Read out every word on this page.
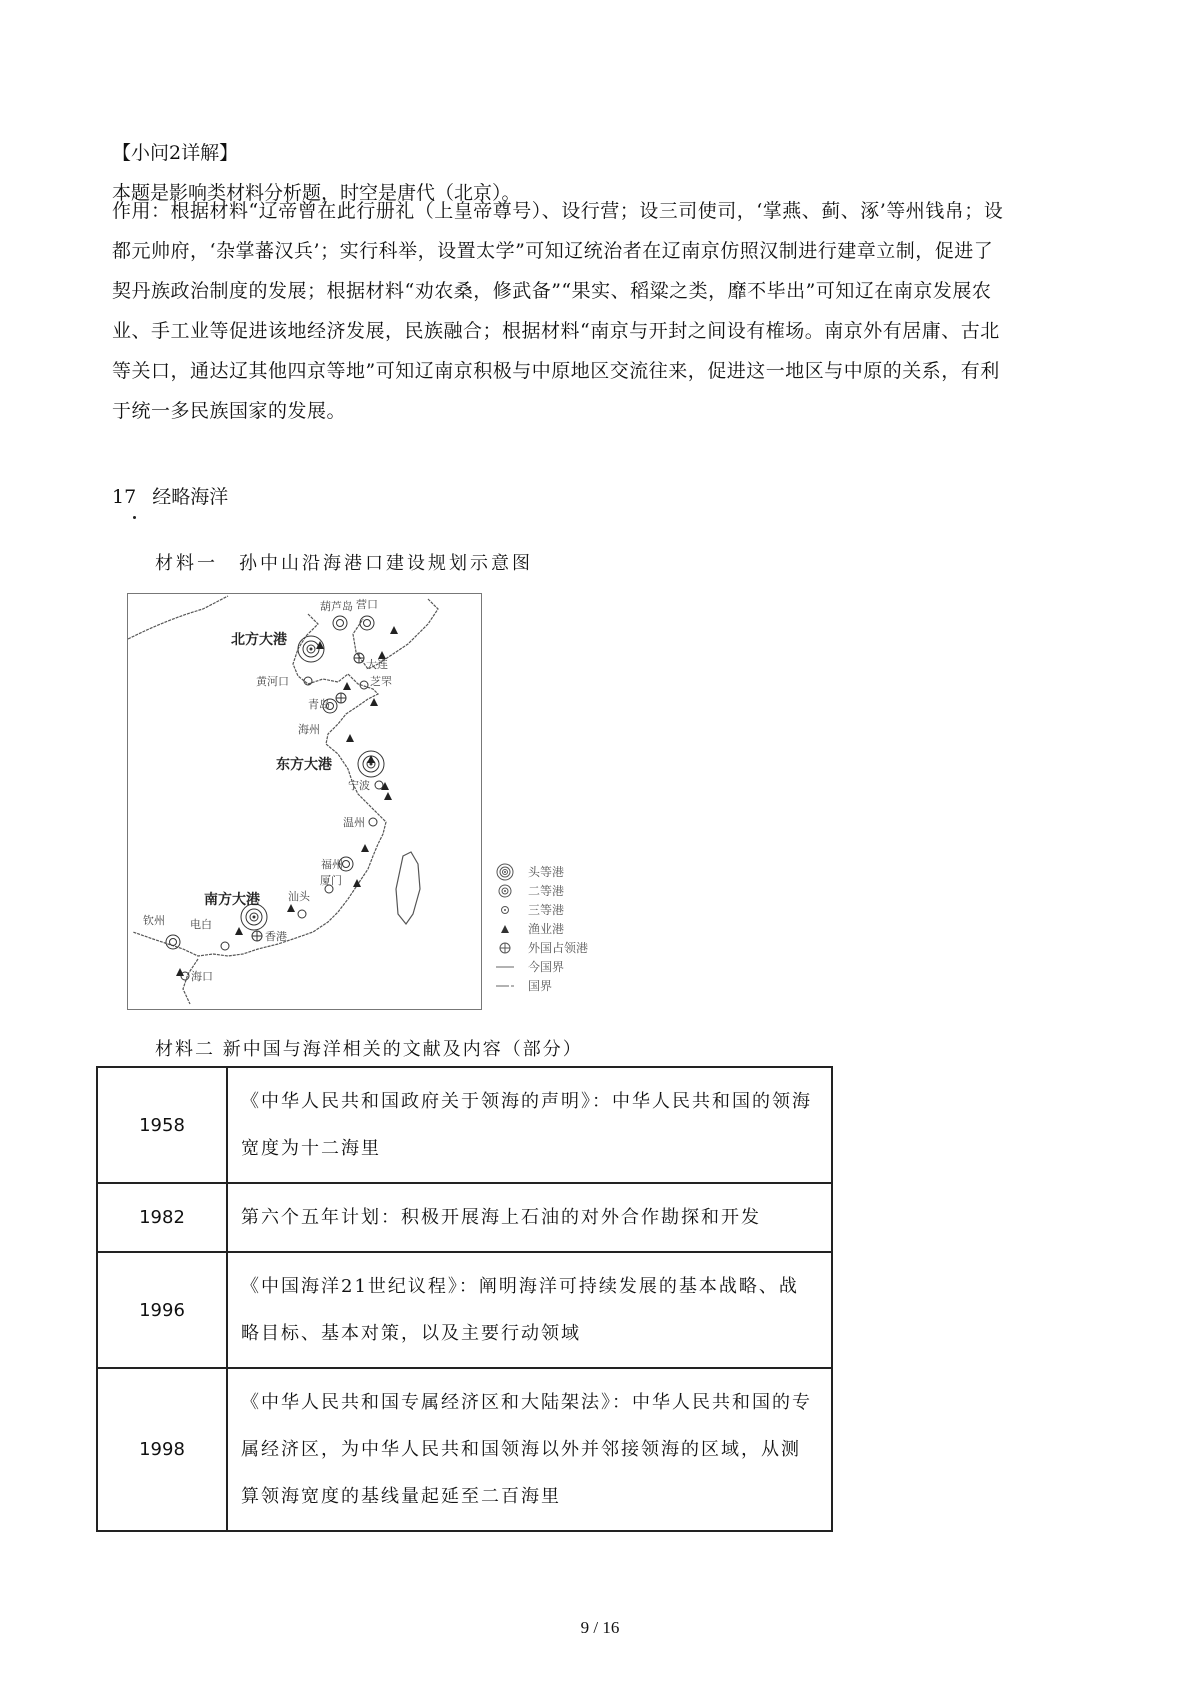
【小问2详解】
本题是影响类材料分析题，时空是唐代（北京）。
作用：根据材料“辽帝曾在此行册礼（上皇帝尊号）、设行营；设三司使司，‘掌燕、蓟、涿’等州钱帛；设都元帅府，‘杂掌蕃汉兵’；实行科举，设置太学”可知辽统治者在辽南京仿照汉制进行建章立制，促进了契丹族政治制度的发展；根据材料“劝农桑，修武备”“果实、稻粱之类，靡不毕出”可知辽在南京发展农业、手工业等促进该地经济发展，民族融合；根据材料“南京与开封之间设有榷场。南京外有居庸、古北等关口，通达辽其他四京等地”可知辽南京积极与中原地区交流往来，促进这一地区与中原的关系，有利于统一多民族国家的发展。
17 经略海洋
材料一　孙中山沿海港口建设规划示意图
葫芦岛 营口
北方大港
大连
黄河口	芝罘
青岛
海州
东方大港
宁波
温州
福州
厦门
汕头
南方大港
香港
钦州 电白
海口
头等港
二等港
三等港
渔业港
外国占领港
今国界
国界
材料二 新中国与海洋相关的文献及内容（部分）
1958	《中华人民共和国政府关于领海的声明》：中华人民共和国的领海宽度为十二海里
1982	第六个五年计划：积极开展海上石油的对外合作勘探和开发
1996	《中国海洋21世纪议程》：阐明海洋可持续发展的基本战略、战略目标、基本对策，以及主要行动领域
1998	《中华人民共和国专属经济区和大陆架法》：中华人民共和国的专属经济区，为中华人民共和国领海以外并邻接领海的区域，从测算领海宽度的基线量起延至二百海里
9 / 16
